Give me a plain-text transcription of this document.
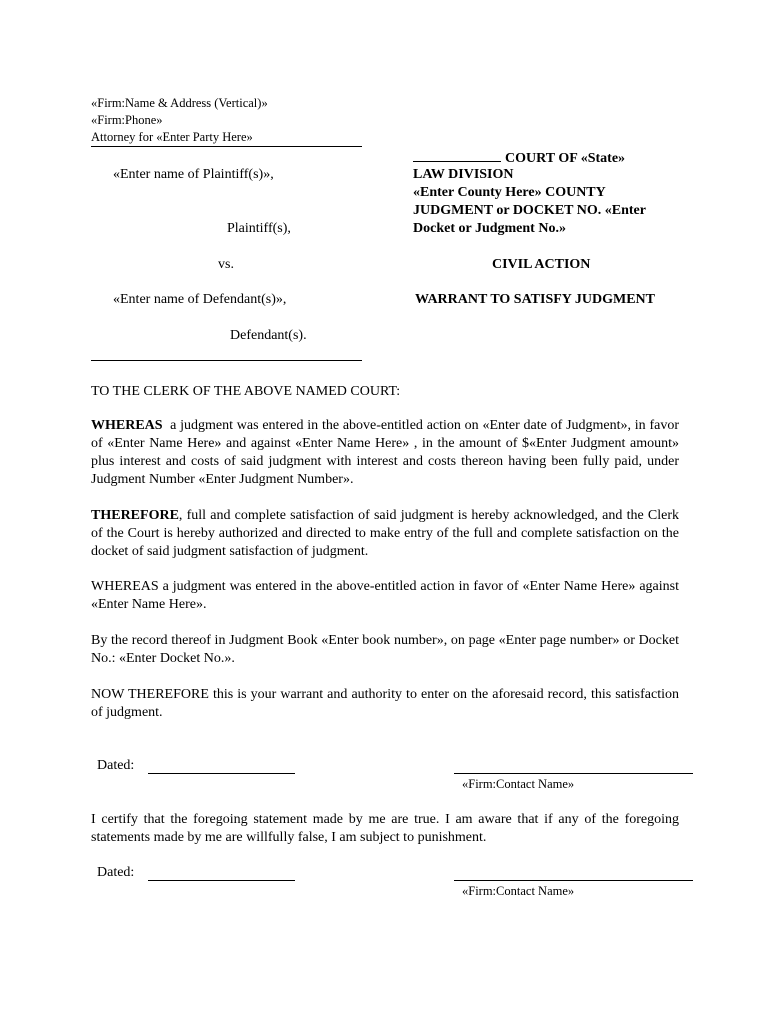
«Firm:Name & Address (Vertical)»
«Firm:Phone»
Attorney for «Enter Party Here»
«Enter name of Plaintiff(s)»,
Plaintiff(s),
vs.
«Enter name of Defendant(s)»,
Defendant(s).
COURT OF «State»
LAW DIVISION
«Enter County Here» COUNTY
JUDGMENT or DOCKET NO. «Enter
Docket or Judgment No.»
CIVIL ACTION
WARRANT TO SATISFY JUDGMENT
TO THE CLERK OF THE ABOVE NAMED COURT:
WHEREAS  a judgment was entered in the above-entitled action on «Enter date of Judgment», in favor of «Enter Name Here» and against «Enter Name Here» , in the amount of $«Enter Judgment amount» plus interest and costs of said judgment with interest and costs thereon having been fully paid, under Judgment Number «Enter Judgment Number».
THEREFORE, full and complete satisfaction of said judgment is hereby acknowledged, and the Clerk of the Court is hereby authorized and directed to make entry of the full and complete satisfaction on the docket of said judgment satisfaction of judgment.
WHEREAS a judgment was entered in the above-entitled action in favor of «Enter Name Here» against «Enter Name Here».
By the record thereof in Judgment Book «Enter book number», on page «Enter page number» or Docket No.: «Enter Docket No.».
NOW THEREFORE this is your warrant and authority to enter on the aforesaid record, this satisfaction of judgment.
Dated:
«Firm:Contact Name»
I certify that the foregoing statement made by me are true. I am aware that if any of the foregoing statements made by me are willfully false, I am subject to punishment.
Dated:
«Firm:Contact Name»
